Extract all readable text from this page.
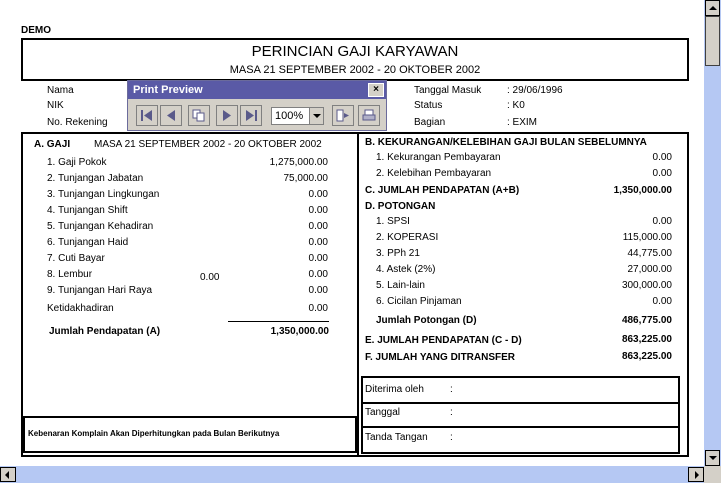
DEMO
PERINCIAN GAJI KARYAWAN
MASA 21 SEPTEMBER 2002 - 20 OKTOBER 2002
Nama
NIK
No. Rekening
Tanggal Masuk	: 29/06/1996
Status	: K0
Bagian	: EXIM
A. GAJI MASA 21 SEPTEMBER 2002 - 20 OKTOBER 2002
1. Gaji Pokok	1,275,000.00
2. Tunjangan Jabatan	75,000.00
3. Tunjangan Lingkungan	0.00
4. Tunjangan Shift	0.00
5. Tunjangan Kehadiran	0.00
6. Tunjangan Haid	0.00
7. Cuti Bayar	0.00
8. Lembur	0.00
9. Tunjangan Hari Raya	0.00
Ketidakhadiran	0.00
0.00
Jumlah Pendapatan (A)	1,350,000.00
Kebenaran Komplain Akan Diperhitungkan pada Bulan Berikutnya
B. KEKURANGAN/KELEBIHAN GAJI BULAN SEBELUMNYA
1. Kekurangan Pembayaran	0.00
2. Kelebihan Pembayaran	0.00
C. JUMLAH PENDAPATAN (A+B)	1,350,000.00
D. POTONGAN
1. SPSI	0.00
2. KOPERASI	115,000.00
3. PPh 21	44,775.00
4. Astek (2%)	27,000.00
5. Lain-lain	300,000.00
6. Cicilan Pinjaman	0.00
Jumlah Potongan (D)	486,775.00
E. JUMLAH PENDAPATAN (C - D)	863,225.00
F. JUMLAH YANG DITRANSFER	863,225.00
Diterima oleh	:
Tanggal	:
Tanda Tangan :
Print Preview	×
100%
